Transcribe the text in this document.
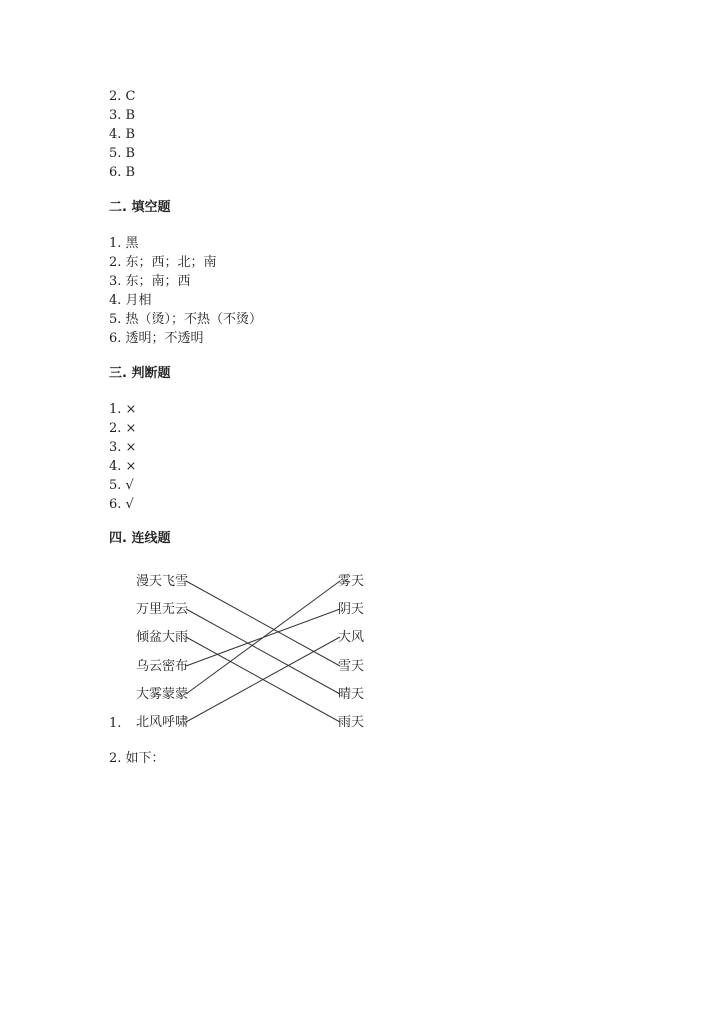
2. C
3. B
4. B
5. B
6. B
二. 填空题
1. 黑
2. 东；西；北；南
3. 东；南；西
4. 月相
5. 热（烫）；不热（不烫）
6. 透明；不透明
三. 判断题
1. ×
2. ×
3. ×
4. ×
5. √
6. √
四. 连线题
漫天飞雪
万里无云
倾盆大雨
乌云密布
大雾蒙蒙
北风呼啸
雾天
阴天
大风
雪天
晴天
雨天
1.
2. 如下：
